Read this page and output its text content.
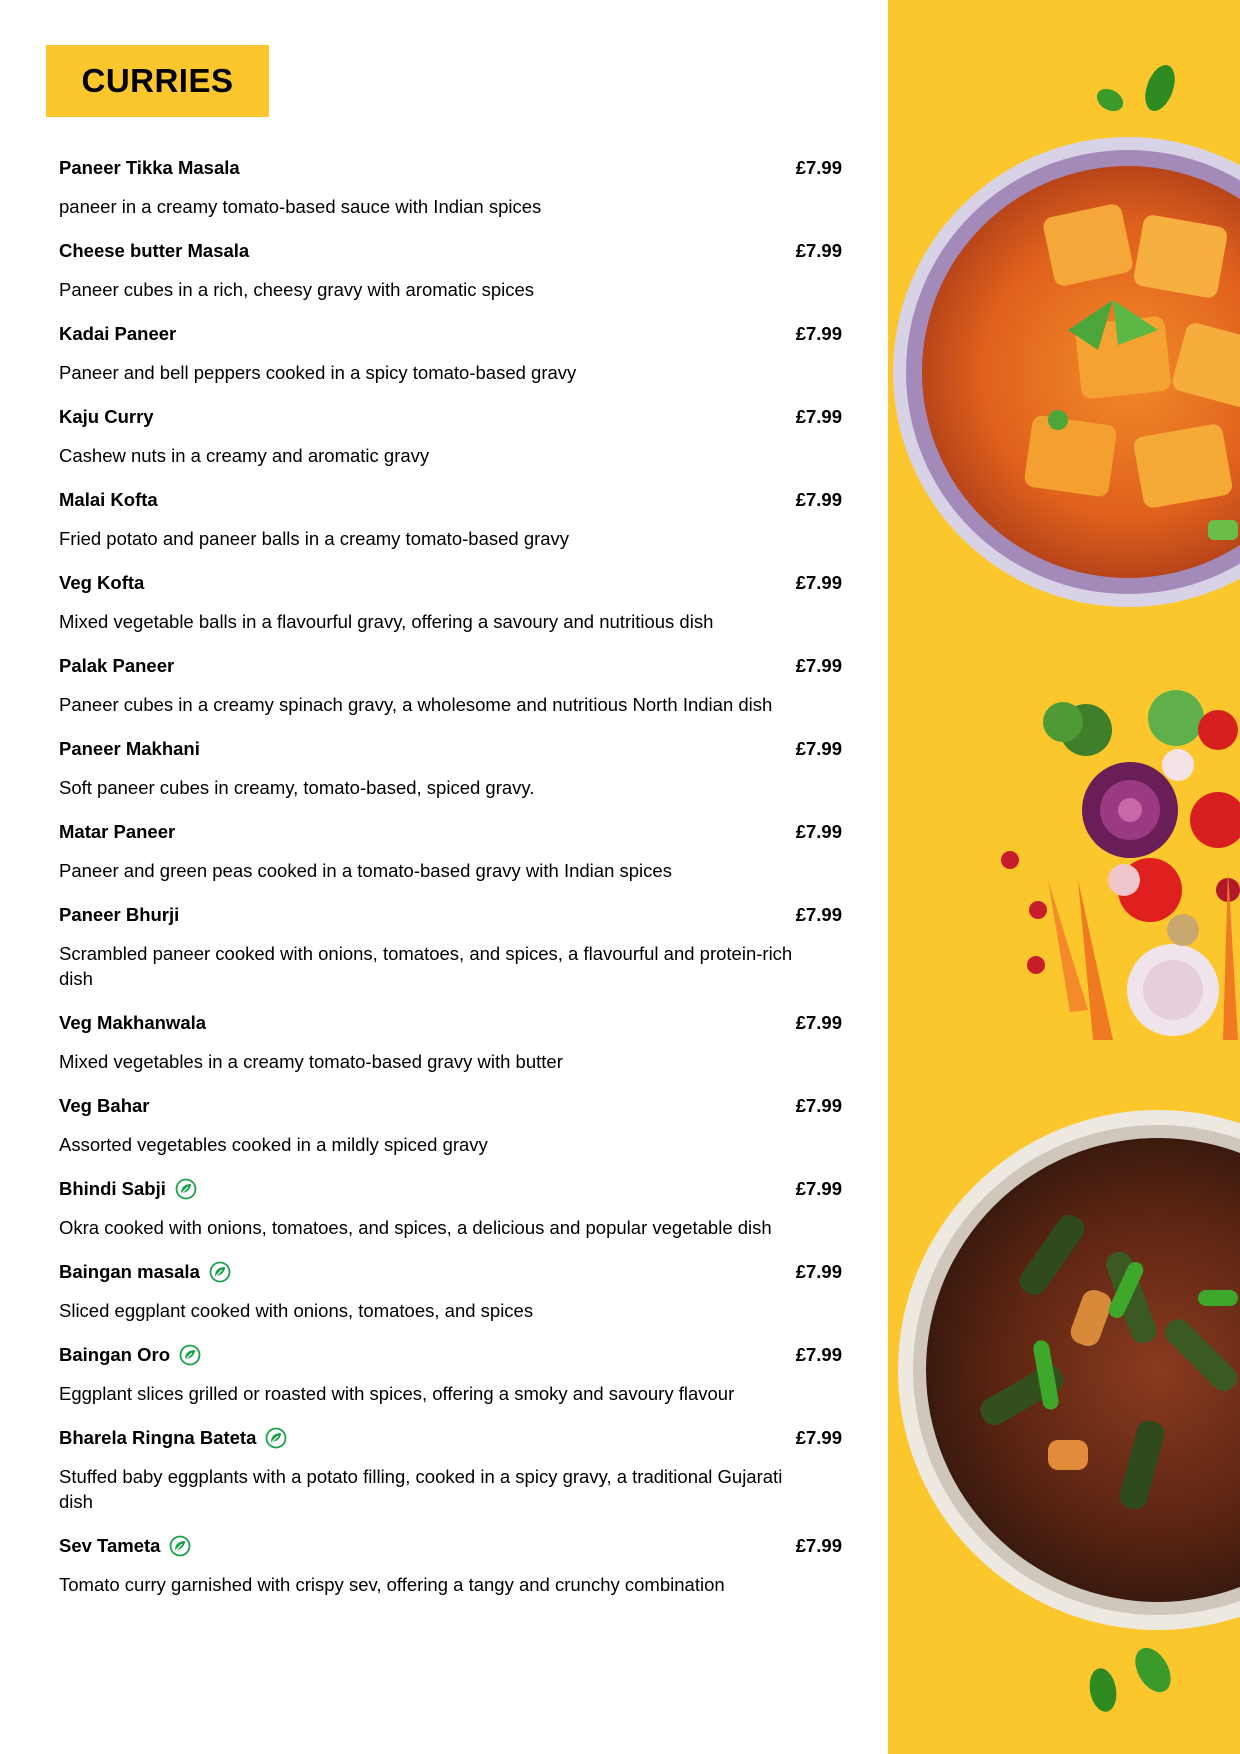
CURRIES
Paneer Tikka Masala	£7.99
paneer in a creamy tomato-based sauce with Indian spices
Cheese butter Masala	£7.99
Paneer cubes in a rich, cheesy gravy with aromatic spices
Kadai Paneer	£7.99
Paneer and bell peppers cooked in a spicy tomato-based gravy
Kaju Curry	£7.99
Cashew nuts in a creamy and aromatic gravy
Malai Kofta	£7.99
Fried potato and paneer balls in a creamy tomato-based gravy
Veg Kofta	£7.99
Mixed vegetable balls in a flavourful gravy, offering a savoury and nutritious dish
Palak Paneer	£7.99
Paneer cubes in a creamy spinach gravy, a wholesome and nutritious North Indian dish
Paneer Makhani	£7.99
Soft paneer cubes in creamy, tomato-based, spiced gravy.
Matar Paneer	£7.99
Paneer and green peas cooked in a tomato-based gravy with Indian spices
Paneer Bhurji	£7.99
Scrambled paneer cooked with onions, tomatoes, and spices, a flavourful and protein-rich dish
Veg Makhanwala	£7.99
Mixed vegetables in a creamy tomato-based gravy with butter
Veg Bahar	£7.99
Assorted vegetables cooked in a mildly spiced gravy
Bhindi Sabji	£7.99
Okra cooked with onions, tomatoes, and spices, a delicious and popular vegetable dish
Baingan masala	£7.99
Sliced eggplant cooked with onions, tomatoes, and spices
Baingan Oro	£7.99
Eggplant slices grilled or roasted with spices, offering a smoky and savoury flavour
Bharela Ringna Bateta	£7.99
Stuffed baby eggplants with a potato filling, cooked in a spicy gravy, a traditional Gujarati dish
Sev Tameta	£7.99
Tomato curry garnished with crispy sev, offering a tangy and crunchy combination
